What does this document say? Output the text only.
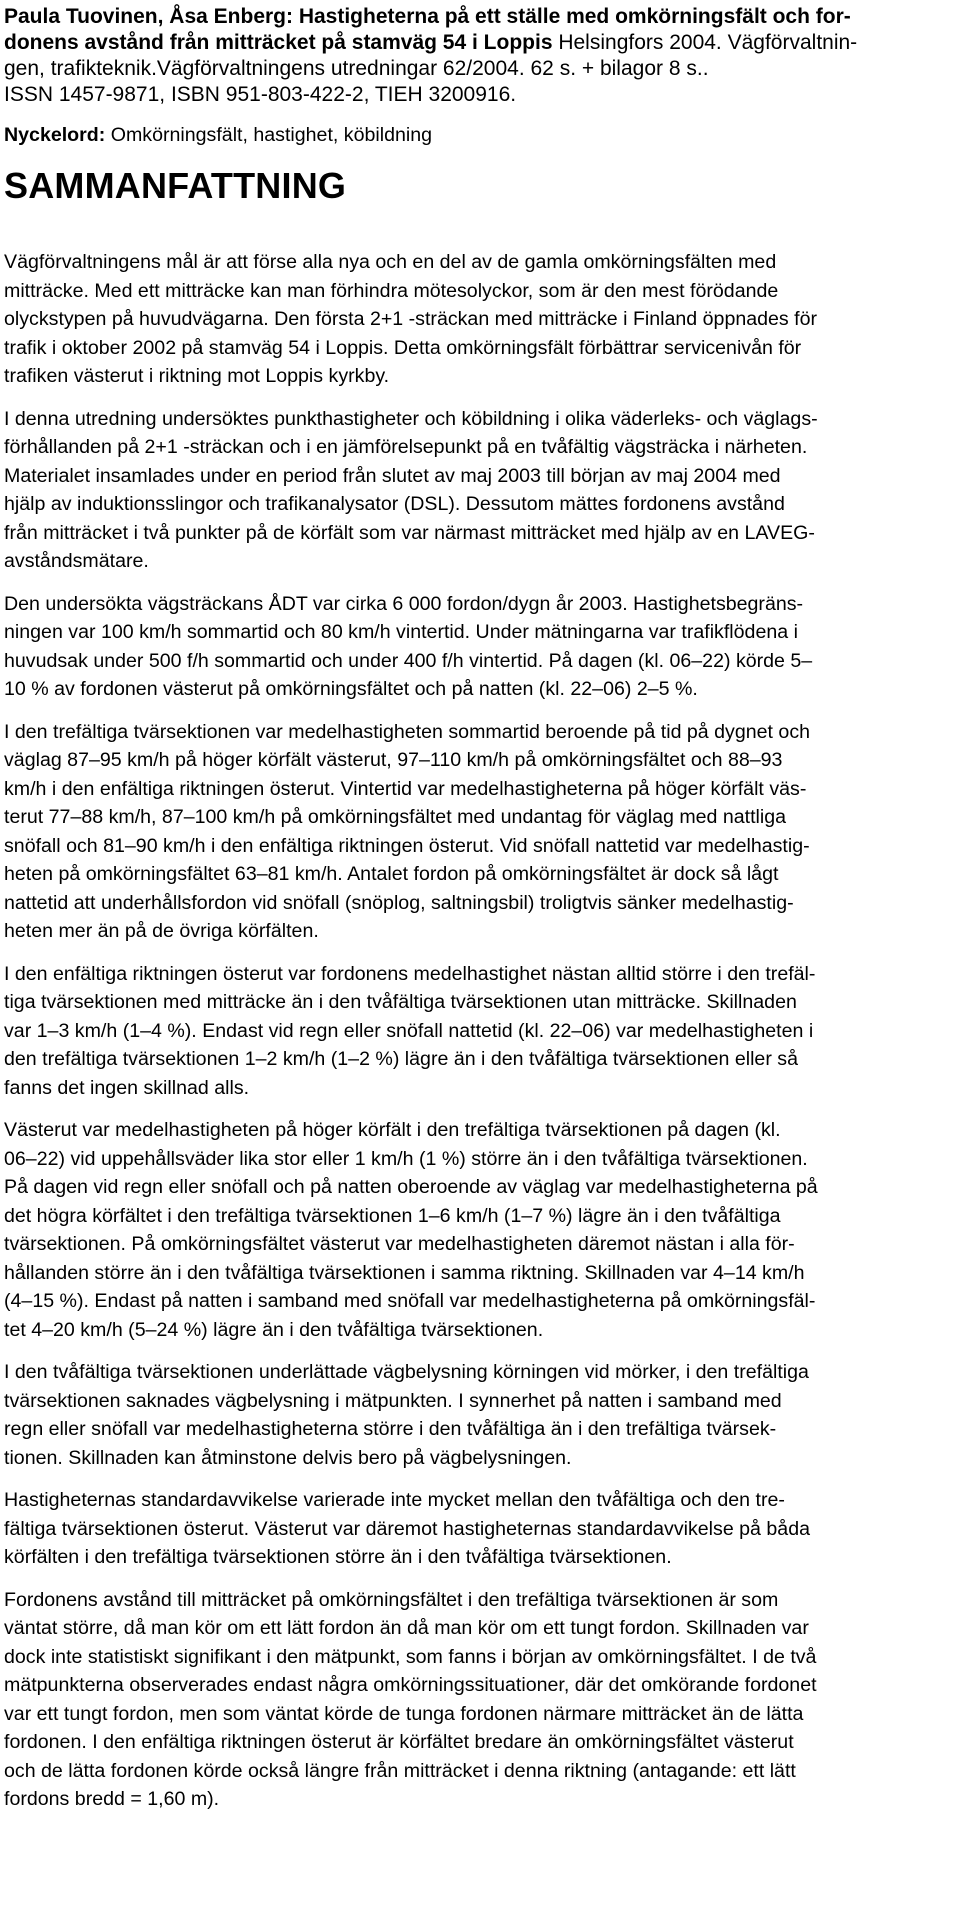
Paula Tuovinen, Åsa Enberg: Hastigheterna på ett ställe med omkörningsfält och for-
donens avstånd från mitträcket på stamväg 54 i Loppis Helsingfors 2004. Vägförvaltnin-
gen, trafikteknik.Vägförvaltningens utredningar 62/2004. 62 s. + bilagor 8 s..
ISSN 1457-9871, ISBN 951-803-422-2, TIEH 3200916.

Nyckelord: Omkörningsfält, hastighet, köbildning

SAMMANFATTNING

Vägförvaltningens mål är att förse alla nya och en del av de gamla omkörningsfälten med
mitträcke. Med ett mitträcke kan man förhindra mötesolyckor, som är den mest förödande
olyckstypen på huvudvägarna. Den första 2+1 -sträckan med mitträcke i Finland öppnades för
trafik i oktober 2002 på stamväg 54 i Loppis. Detta omkörningsfält förbättrar servicenivån för
trafiken västerut i riktning mot Loppis kyrkby.

I denna utredning undersöktes punkthastigheter och köbildning i olika väderleks- och väglags-
förhållanden på 2+1 -sträckan och i en jämförelsepunkt på en tvåfältig vägsträcka i närheten.
Materialet insamlades under en period från slutet av maj 2003 till början av maj 2004 med
hjälp av induktionsslingor och trafikanalysator (DSL). Dessutom mättes fordonens avstånd
från mitträcket i två punkter på de körfält som var närmast mitträcket med hjälp av en LAVEG-
avståndsmätare.

Den undersökta vägsträckans ÅDT var cirka 6 000 fordon/dygn år 2003. Hastighetsbegräns-
ningen var 100 km/h sommartid och 80 km/h vintertid. Under mätningarna var trafikflödena i
huvudsak under 500 f/h sommartid och under 400 f/h vintertid. På dagen (kl. 06–22) körde 5–
10 % av fordonen västerut på omkörningsfältet och på natten (kl. 22–06) 2–5 %.

I den trefältiga tvärsektionen var medelhastigheten sommartid beroende på tid på dygnet och
väglag 87–95 km/h på höger körfält västerut, 97–110 km/h på omkörningsfältet och 88–93
km/h i den enfältiga riktningen österut. Vintertid var medelhastigheterna på höger körfält väs-
terut 77–88 km/h, 87–100 km/h på omkörningsfältet med undantag för väglag med nattliga
snöfall och 81–90 km/h i den enfältiga riktningen österut. Vid snöfall nattetid var medelhastig-
heten på omkörningsfältet 63–81 km/h. Antalet fordon på omkörningsfältet är dock så lågt
nattetid att underhållsfordon vid snöfall (snöplog, saltningsbil) troligtvis sänker medelhastig-
heten mer än på de övriga körfälten.

I den enfältiga riktningen österut var fordonens medelhastighet nästan alltid större i den trefäl-
tiga tvärsektionen med mitträcke än i den tvåfältiga tvärsektionen utan mitträcke. Skillnaden
var 1–3 km/h (1–4 %). Endast vid regn eller snöfall nattetid (kl. 22–06) var medelhastigheten i
den trefältiga tvärsektionen 1–2 km/h (1–2 %) lägre än i den tvåfältiga tvärsektionen eller så
fanns det ingen skillnad alls.

Västerut var medelhastigheten på höger körfält i den trefältiga tvärsektionen på dagen (kl.
06–22) vid uppehållsväder lika stor eller 1 km/h (1 %) större än i den tvåfältiga tvärsektionen.
På dagen vid regn eller snöfall och på natten oberoende av väglag var medelhastigheterna på
det högra körfältet i den trefältiga tvärsektionen 1–6 km/h (1–7 %) lägre än i den tvåfältiga
tvärsektionen. På omkörningsfältet västerut var medelhastigheten däremot nästan i alla för-
hållanden större än i den tvåfältiga tvärsektionen i samma riktning. Skillnaden var 4–14 km/h
(4–15 %). Endast på natten i samband med snöfall var medelhastigheterna på omkörningsfäl-
tet 4–20 km/h (5–24 %) lägre än i den tvåfältiga tvärsektionen.

I den tvåfältiga tvärsektionen underlättade vägbelysning körningen vid mörker, i den trefältiga
tvärsektionen saknades vägbelysning i mätpunkten. I synnerhet på natten i samband med
regn eller snöfall var medelhastigheterna större i den tvåfältiga än i den trefältiga tvärsek-
tionen. Skillnaden kan åtminstone delvis bero på vägbelysningen.

Hastigheternas standardavvikelse varierade inte mycket mellan den tvåfältiga och den tre-
fältiga tvärsektionen österut. Västerut var däremot hastigheternas standardavvikelse på båda
körfälten i den trefältiga tvärsektionen större än i den tvåfältiga tvärsektionen.

Fordonens avstånd till mitträcket på omkörningsfältet i den trefältiga tvärsektionen är som
väntat större, då man kör om ett lätt fordon än då man kör om ett tungt fordon. Skillnaden var
dock inte statistiskt signifikant i den mätpunkt, som fanns i början av omkörningsfältet. I de två
mätpunkterna observerades endast några omkörningssituationer, där det omkörande fordonet
var ett tungt fordon, men som väntat körde de tunga fordonen närmare mitträcket än de lätta
fordonen. I den enfältiga riktningen österut är körfältet bredare än omkörningsfältet västerut
och de lätta fordonen körde också längre från mitträcket i denna riktning (antagande: ett lätt
fordons bredd = 1,60 m).
